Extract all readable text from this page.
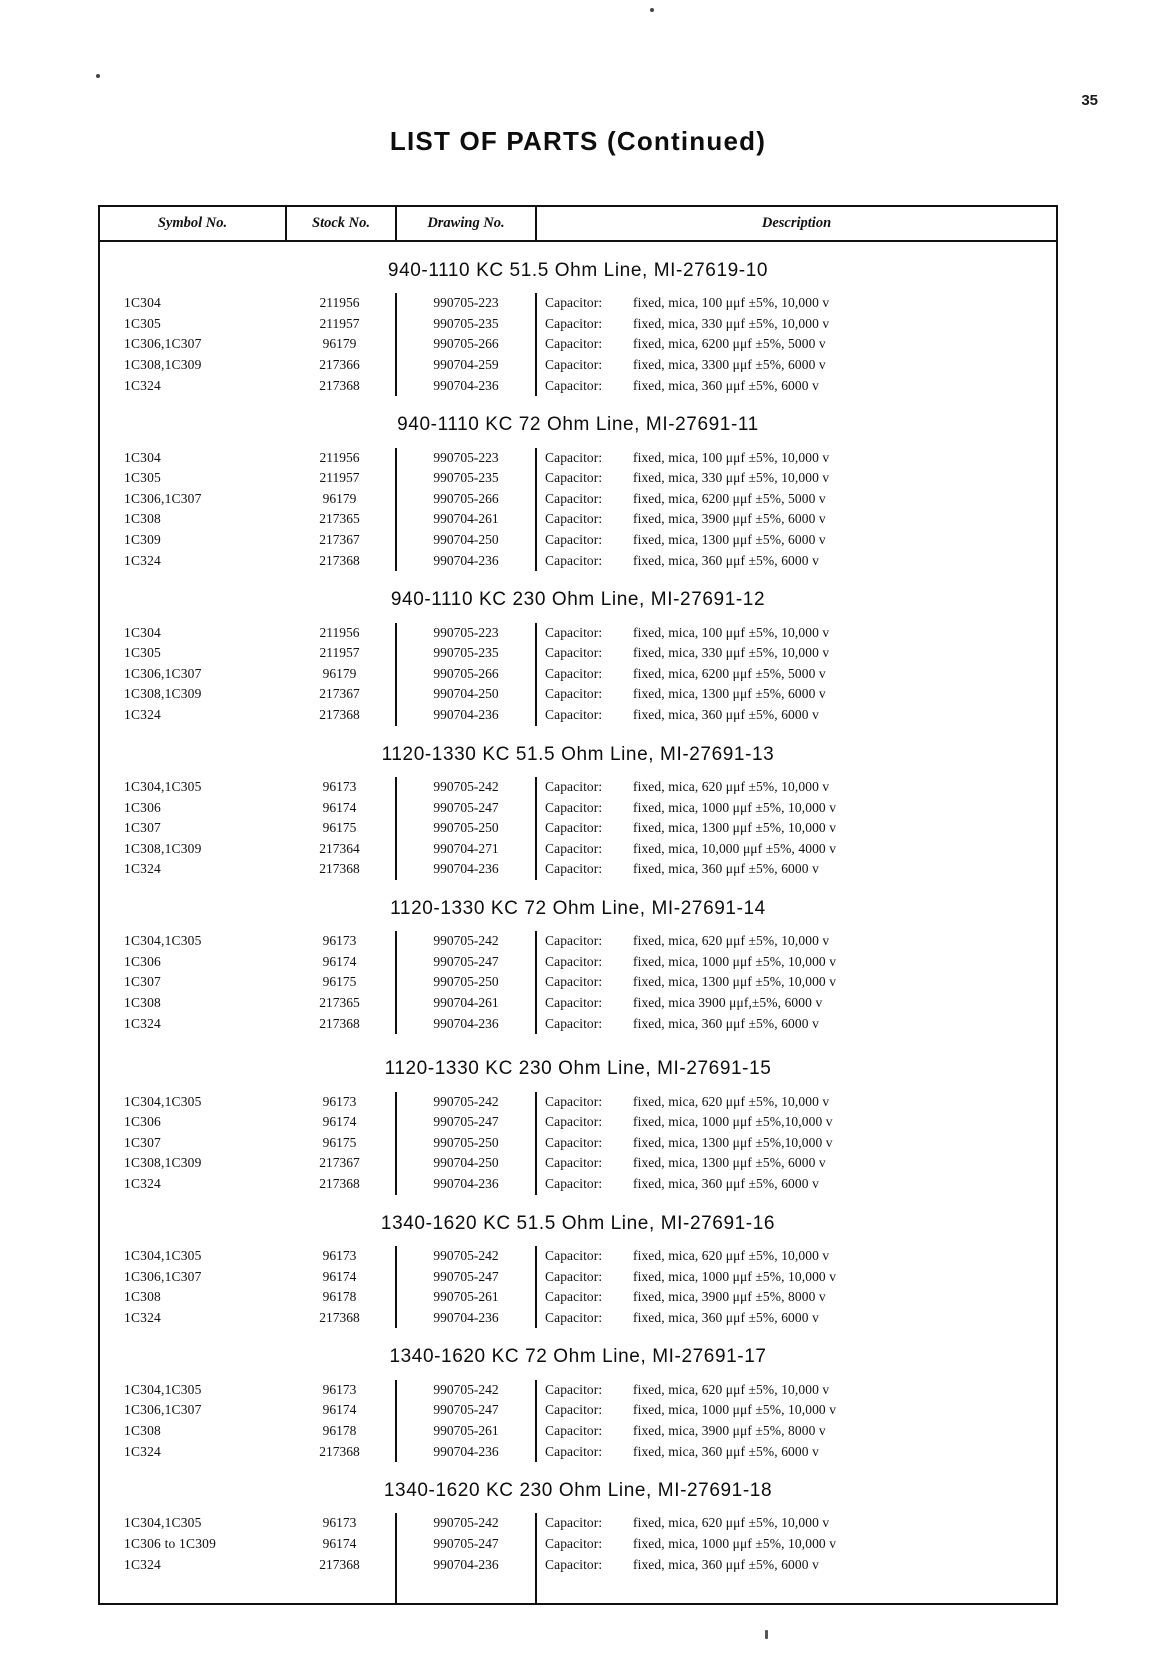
35
LIST OF PARTS (Continued)
Symbol No.	Stock No.	Drawing No.	Description
940-1110 KC 51.5 Ohm Line, MI-27619-10			
1C304	211956	990705-223	Capacitor: fixed, mica, 100 μμf ±5%, 10,000 v
1C305	211957	990705-235	Capacitor: fixed, mica, 330 μμf ±5%, 10,000 v
1C306,1C307	96179	990705-266	Capacitor: fixed, mica, 6200 μμf ±5%, 5000 v
1C308,1C309	217366	990704-259	Capacitor: fixed, mica, 3300 μμf ±5%, 6000 v
1C324	217368	990704-236	Capacitor: fixed, mica, 360 μμf ±5%, 6000 v
940-1110 KC 72 Ohm Line, MI-27691-11			
1C304	211956	990705-223	Capacitor: fixed, mica, 100 μμf ±5%, 10,000 v
1C305	211957	990705-235	Capacitor: fixed, mica, 330 μμf ±5%, 10,000 v
1C306,1C307	96179	990705-266	Capacitor: fixed, mica, 6200 μμf ±5%, 5000 v
1C308	217365	990704-261	Capacitor: fixed, mica, 3900 μμf ±5%, 6000 v
1C309	217367	990704-250	Capacitor: fixed, mica, 1300 μμf ±5%, 6000 v
1C324	217368	990704-236	Capacitor: fixed, mica, 360 μμf ±5%, 6000 v
940-1110 KC 230 Ohm Line, MI-27691-12			
1C304	211956	990705-223	Capacitor: fixed, mica, 100 μμf ±5%, 10,000 v
1C305	211957	990705-235	Capacitor: fixed, mica, 330 μμf ±5%, 10,000 v
1C306,1C307	96179	990705-266	Capacitor: fixed, mica, 6200 μμf ±5%, 5000 v
1C308,1C309	217367	990704-250	Capacitor: fixed, mica, 1300 μμf ±5%, 6000 v
1C324	217368	990704-236	Capacitor: fixed, mica, 360 μμf ±5%, 6000 v
1120-1330 KC 51.5 Ohm Line, MI-27691-13			
1C304,1C305	96173	990705-242	Capacitor: fixed, mica, 620 μμf ±5%, 10,000 v
1C306	96174	990705-247	Capacitor: fixed, mica, 1000 μμf ±5%, 10,000 v
1C307	96175	990705-250	Capacitor: fixed, mica, 1300 μμf ±5%, 10,000 v
1C308,1C309	217364	990704-271	Capacitor: fixed, mica, 10,000 μμf ±5%, 4000 v
1C324	217368	990704-236	Capacitor: fixed, mica, 360 μμf ±5%, 6000 v
1120-1330 KC 72 Ohm Line, MI-27691-14			
1C304,1C305	96173	990705-242	Capacitor: fixed, mica, 620 μμf ±5%, 10,000 v
1C306	96174	990705-247	Capacitor: fixed, mica, 1000 μμf ±5%, 10,000 v
1C307	96175	990705-250	Capacitor: fixed, mica, 1300 μμf ±5%, 10,000 v
1C308	217365	990704-261	Capacitor: fixed, mica 3900 μμf,±5%, 6000 v
1C324	217368	990704-236	Capacitor: fixed, mica, 360 μμf ±5%, 6000 v
1120-1330 KC 230 Ohm Line, MI-27691-15			
1C304,1C305	96173	990705-242	Capacitor: fixed, mica, 620 μμf ±5%, 10,000 v
1C306	96174	990705-247	Capacitor: fixed, mica, 1000 μμf ±5%,10,000 v
1C307	96175	990705-250	Capacitor: fixed, mica, 1300 μμf ±5%,10,000 v
1C308,1C309	217367	990704-250	Capacitor: fixed, mica, 1300 μμf ±5%, 6000 v
1C324	217368	990704-236	Capacitor: fixed, mica, 360 μμf ±5%, 6000 v
1340-1620 KC 51.5 Ohm Line, MI-27691-16			
1C304,1C305	96173	990705-242	Capacitor: fixed, mica, 620 μμf ±5%, 10,000 v
1C306,1C307	96174	990705-247	Capacitor: fixed, mica, 1000 μμf ±5%, 10,000 v
1C308	96178	990705-261	Capacitor: fixed, mica, 3900 μμf ±5%, 8000 v
1C324	217368	990704-236	Capacitor: fixed, mica, 360 μμf ±5%, 6000 v
1340-1620 KC 72 Ohm Line, MI-27691-17			
1C304,1C305	96173	990705-242	Capacitor: fixed, mica, 620 μμf ±5%, 10,000 v
1C306,1C307	96174	990705-247	Capacitor: fixed, mica, 1000 μμf ±5%, 10,000 v
1C308	96178	990705-261	Capacitor: fixed, mica, 3900 μμf ±5%, 8000 v
1C324	217368	990704-236	Capacitor: fixed, mica, 360 μμf ±5%, 6000 v
1340-1620 KC 230 Ohm Line, MI-27691-18			
1C304,1C305	96173	990705-242	Capacitor: fixed, mica, 620 μμf ±5%, 10,000 v
1C306 to 1C309	96174	990705-247	Capacitor: fixed, mica, 1000 μμf ±5%, 10,000 v
1C324	217368	990704-236	Capacitor: fixed, mica, 360 μμf ±5%, 6000 v
